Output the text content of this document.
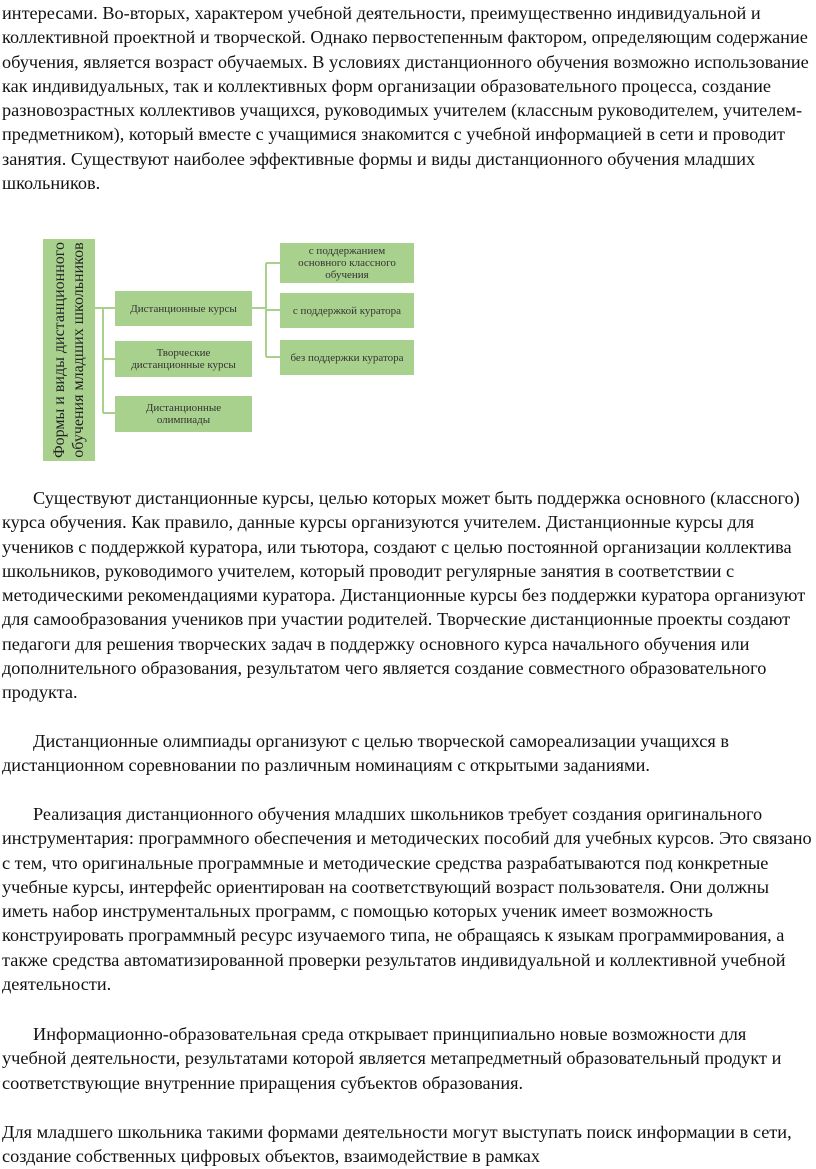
интересами. Во-вторых, характером учебной деятельности, преимущественно индивидуальной и коллективной проектной и творческой. Однако первостепенным фактором, определяющим содержание обучения, является возраст обучаемых. В условиях дистанционного обучения возможно использование как индивидуальных, так и коллективных форм организации образовательного процесса, создание разновозрастных коллективов учащихся, руководимых учителем (классным руководителем, учителем-предметником), который вместе с учащимися знакомится с учебной информацией в сети и проводит занятия. Существуют наиболее эффективные формы и виды дистанционного обучения младших школьников.

Формы и виды дистанционного обучения младших школьников	Дистанционные курсы
Творческие дистанционные курсы
Дистанционные олимпиады
с поддержанием основного классного обучения
с поддержкой куратора
без поддержки куратора

Существуют дистанционные курсы, целью которых может быть поддержка основного (классного) курса обучения. Как правило, данные курсы организуются учителем. Дистанционные курсы для учеников с поддержкой куратора, или тьютора, создают с целью постоянной организации коллектива школьников, руководимого учителем, который проводит регулярные занятия в соответствии с методическими рекомендациями куратора. Дистанционные курсы без поддержки куратора организуют для самообразования учеников при участии родителей. Творческие дистанционные проекты создают педагоги для решения творческих задач в поддержку основного курса начального обучения или дополнительного образования, результатом чего является создание совместного образовательного продукта.

Дистанционные олимпиады организуют с целью творческой самореализации учащихся в дистанционном соревновании по различным номинациям с открытыми заданиями.

Реализация дистанционного обучения младших школьников требует создания оригинального инструментария: программного обеспечения и методических пособий для учебных курсов. Это связано с тем, что оригинальные программные и методические средства разрабатываются под конкретные учебные курсы, интерфейс ориентирован на соответствующий возраст пользователя. Они должны иметь набор инструментальных программ, с помощью которых ученик имеет возможность конструировать программный ресурс изучаемого типа, не обращаясь к языкам программирования, а также средства автоматизированной проверки результатов индивидуальной и коллективной учебной деятельности.

Информационно-образовательная среда открывает принципиально новые возможности для учебной деятельности, результатами которой является метапредметный образовательный продукт и соответствующие внутренние приращения субъектов образования.

Для младшего школьника такими формами деятельности могут выступать поиск информации в сети, создание собственных цифровых объектов, взаимодействие в рамках
